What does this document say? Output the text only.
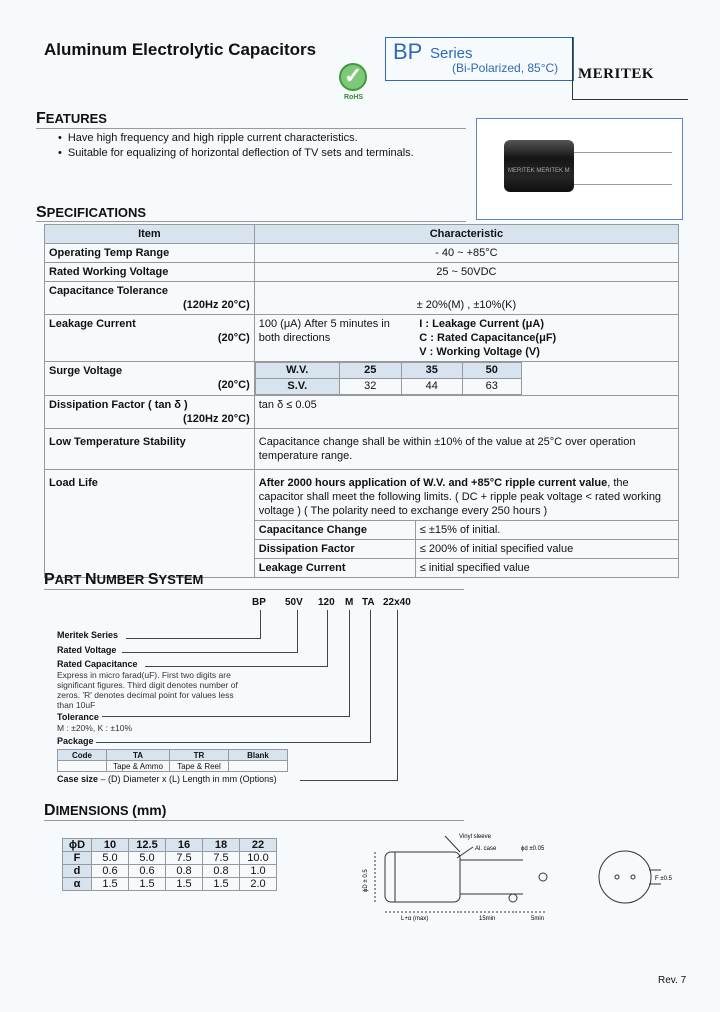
Aluminum Electrolytic Capacitors
✓
RoHS
BP Series
(Bi-Polarized, 85°C) MERITEK
FEATURES
• Have high frequency and high ripple current characteristics.
• Suitable for equalizing of horizontal deflection of TV sets and terminals.
MERITEK MERITEK M
SPECIFICATIONS
Item	Characteristic
Operating Temp Range	- 40 ~ +85°C
Rated Working Voltage	25 ~ 50VDC

Capacitance Tolerance
(120Hz 20°C)	± 20%(M) , ±10%(K)

Leakage Current
(20°C)
	100 (μA) After 5 minutes in both directions	
I : Leakage Current (μA)
C : Rated Capacitance(μF)
V : Working Voltage (V)

Surge Voltage
(20°C)

W.V.	25	35	50
S.V.	32	44	63

Dissipation Factor ( tan δ )
(120Hz 20°C)
	tan δ ≤ 0.05
Low Temperature Stability	Capacitance change shall be within ±10% of the value at 25°C over operation temperature range.
Load Life	After 2000 hours application of W.V. and +85°C ripple current value, the capacitor shall meet the following limits. ( DC + ripple peak voltage < rated working voltage ) ( The polarity need to exchange every 250 hours )
Capacitance Change	≤ ±15% of initial.
Dissipation Factor	≤ 200% of initial specified value
Leakage Current	≤ initial specified value
PART NUMBER SYSTEM
BP 50V 120 M TA 22x40
Meritek Series
Rated Voltage
Rated Capacitance
Express in micro farad(uF). First two digits are
significant figures. Third digit denotes number of
zeros. 'R' denotes decimal point for values less
than 10uF
Tolerance
M : ±20%, K : ±10%
Package
Code	TA	TR	Blank
	Tape & Ammo	Tape & Reel	
Case size – (D) Diameter x (L) Length in mm (Options)
DIMENSIONS (mm)
ϕD	10	12.5	16	18	22
F	5.0	5.0	7.5	7.5	10.0
d	0.6	0.6	0.8	0.8	1.0
α	1.5	1.5	1.5	1.5	2.0
Vinyl sleeve
Al. case	ϕd ±0.05
ϕD ± 0.5
L+α (max)	15min	5min
F ±0.5
Rev. 7
